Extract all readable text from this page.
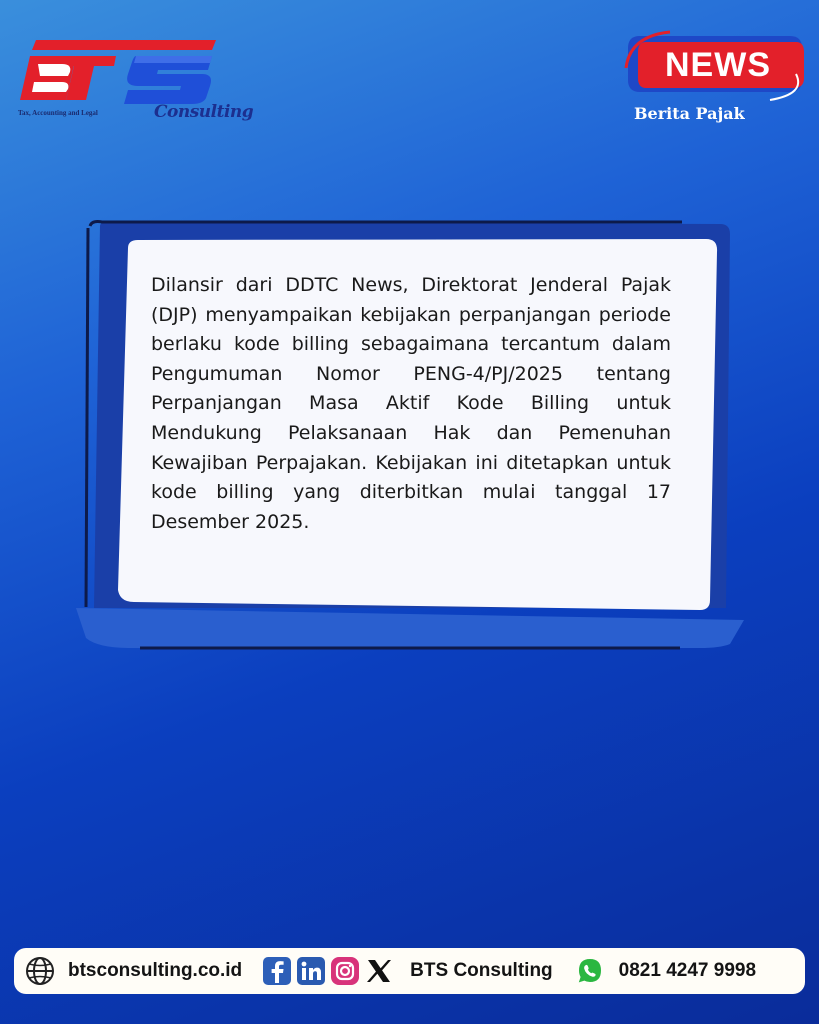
Consulting
Tax, Accounting and Legal
NEWS
Berita Pajak

Dilansir dari DDTC News, Direktorat Jenderal Pajak (DJP) menyampaikan kebijakan perpanjangan periode berlaku kode billing sebagaimana tercantum dalam Pengumuman Nomor PENG-4/PJ/2025 tentang Perpanjangan Masa Aktif Kode Billing untuk Mendukung Pelaksanaan Hak dan Pemenuhan Kewajiban Perpajakan. Kebijakan ini ditetapkan untuk kode billing yang diterbitkan mulai tanggal 17 Desember 2025.

btsconsulting.co.id	BTS Consulting	0821 4247 9998
